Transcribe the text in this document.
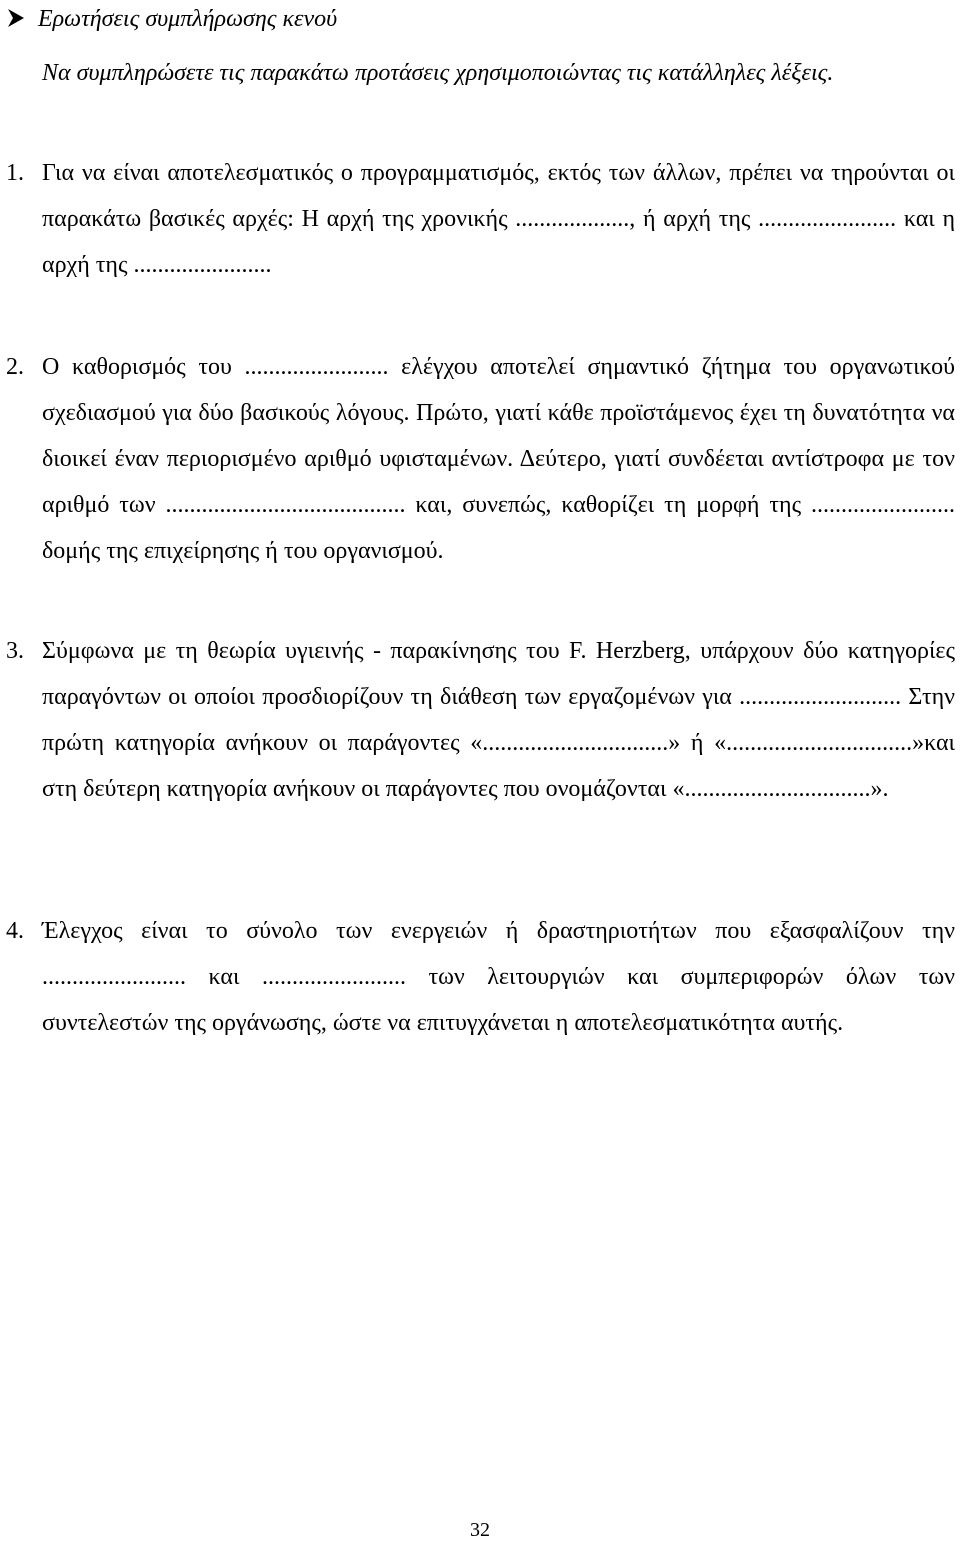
Ερωτήσεις συμπλήρωσης κενού
Να συμπληρώσετε τις παρακάτω προτάσεις χρησιμοποιώντας τις κατάλληλες λέξεις.
1. Για να είναι αποτελεσματικός ο προγραμματισμός, εκτός των άλλων, πρέπει να τηρούνται οι παρακάτω βασικές αρχές: Η αρχή της χρονικής ..................., ή αρχή της ....................... και η αρχή της .......................
2. Ο καθορισμός του ........................ ελέγχου αποτελεί σημαντικό ζήτημα του οργανωτικού σχεδιασμού για δύο βασικούς λόγους. Πρώτο, γιατί κάθε προϊστάμενος έχει τη δυνατότητα να διοικεί έναν περιορισμένο αριθμό υφισταμένων. Δεύτερο, γιατί συνδέεται αντίστροφα με τον αριθμό των ........................................ και, συνεπώς, καθορίζει τη μορφή της ........................ δομής της επιχείρησης ή του οργανισμού.
3. Σύμφωνα με τη θεωρία υγιεινής - παρακίνησης του F. Herzberg, υπάρχουν δύο κατηγορίες παραγόντων οι οποίοι προσδιορίζουν τη διάθεση των εργαζομένων για ........................... Στην πρώτη κατηγορία ανήκουν οι παράγοντες «...............................» ή «...............................»και στη δεύτερη κατηγορία ανήκουν οι παράγοντες που ονομάζονται «...............................».
4. Έλεγχος είναι το σύνολο των ενεργειών ή δραστηριοτήτων που εξασφαλίζουν την ........................ και ........................ των λειτουργιών και συμπεριφορών όλων των συντελεστών της οργάνωσης, ώστε να επιτυγχάνεται η αποτελεσματικότητα αυτής.
32
